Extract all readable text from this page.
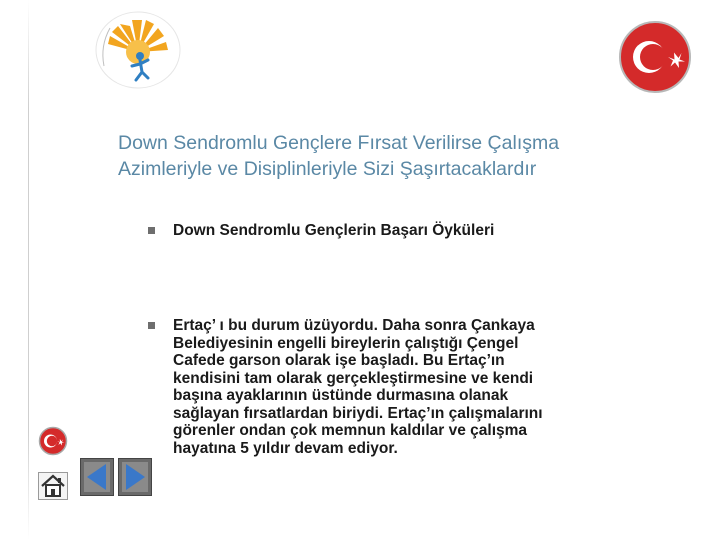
Down Sendromlu Gençlere Fırsat Verilirse Çalışma
Azimleriyle ve Disiplinleriyle Sizi Şaşırtacaklardır
Down Sendromlu Gençlerin Başarı Öyküleri
Ertaç’ ı bu durum üzüyordu. Daha sonra Çankaya
Belediyesinin engelli bireylerin çalıştığı Çengel
Cafede garson olarak işe başladı. Bu Ertaç’ın
kendisini tam olarak gerçekleştirmesine ve kendi
başına ayaklarının üstünde durmasına olanak
sağlayan fırsatlardan biriydi. Ertaç’ın çalışmalarını
görenler ondan çok memnun kaldılar ve çalışma
hayatına 5 yıldır devam ediyor.
